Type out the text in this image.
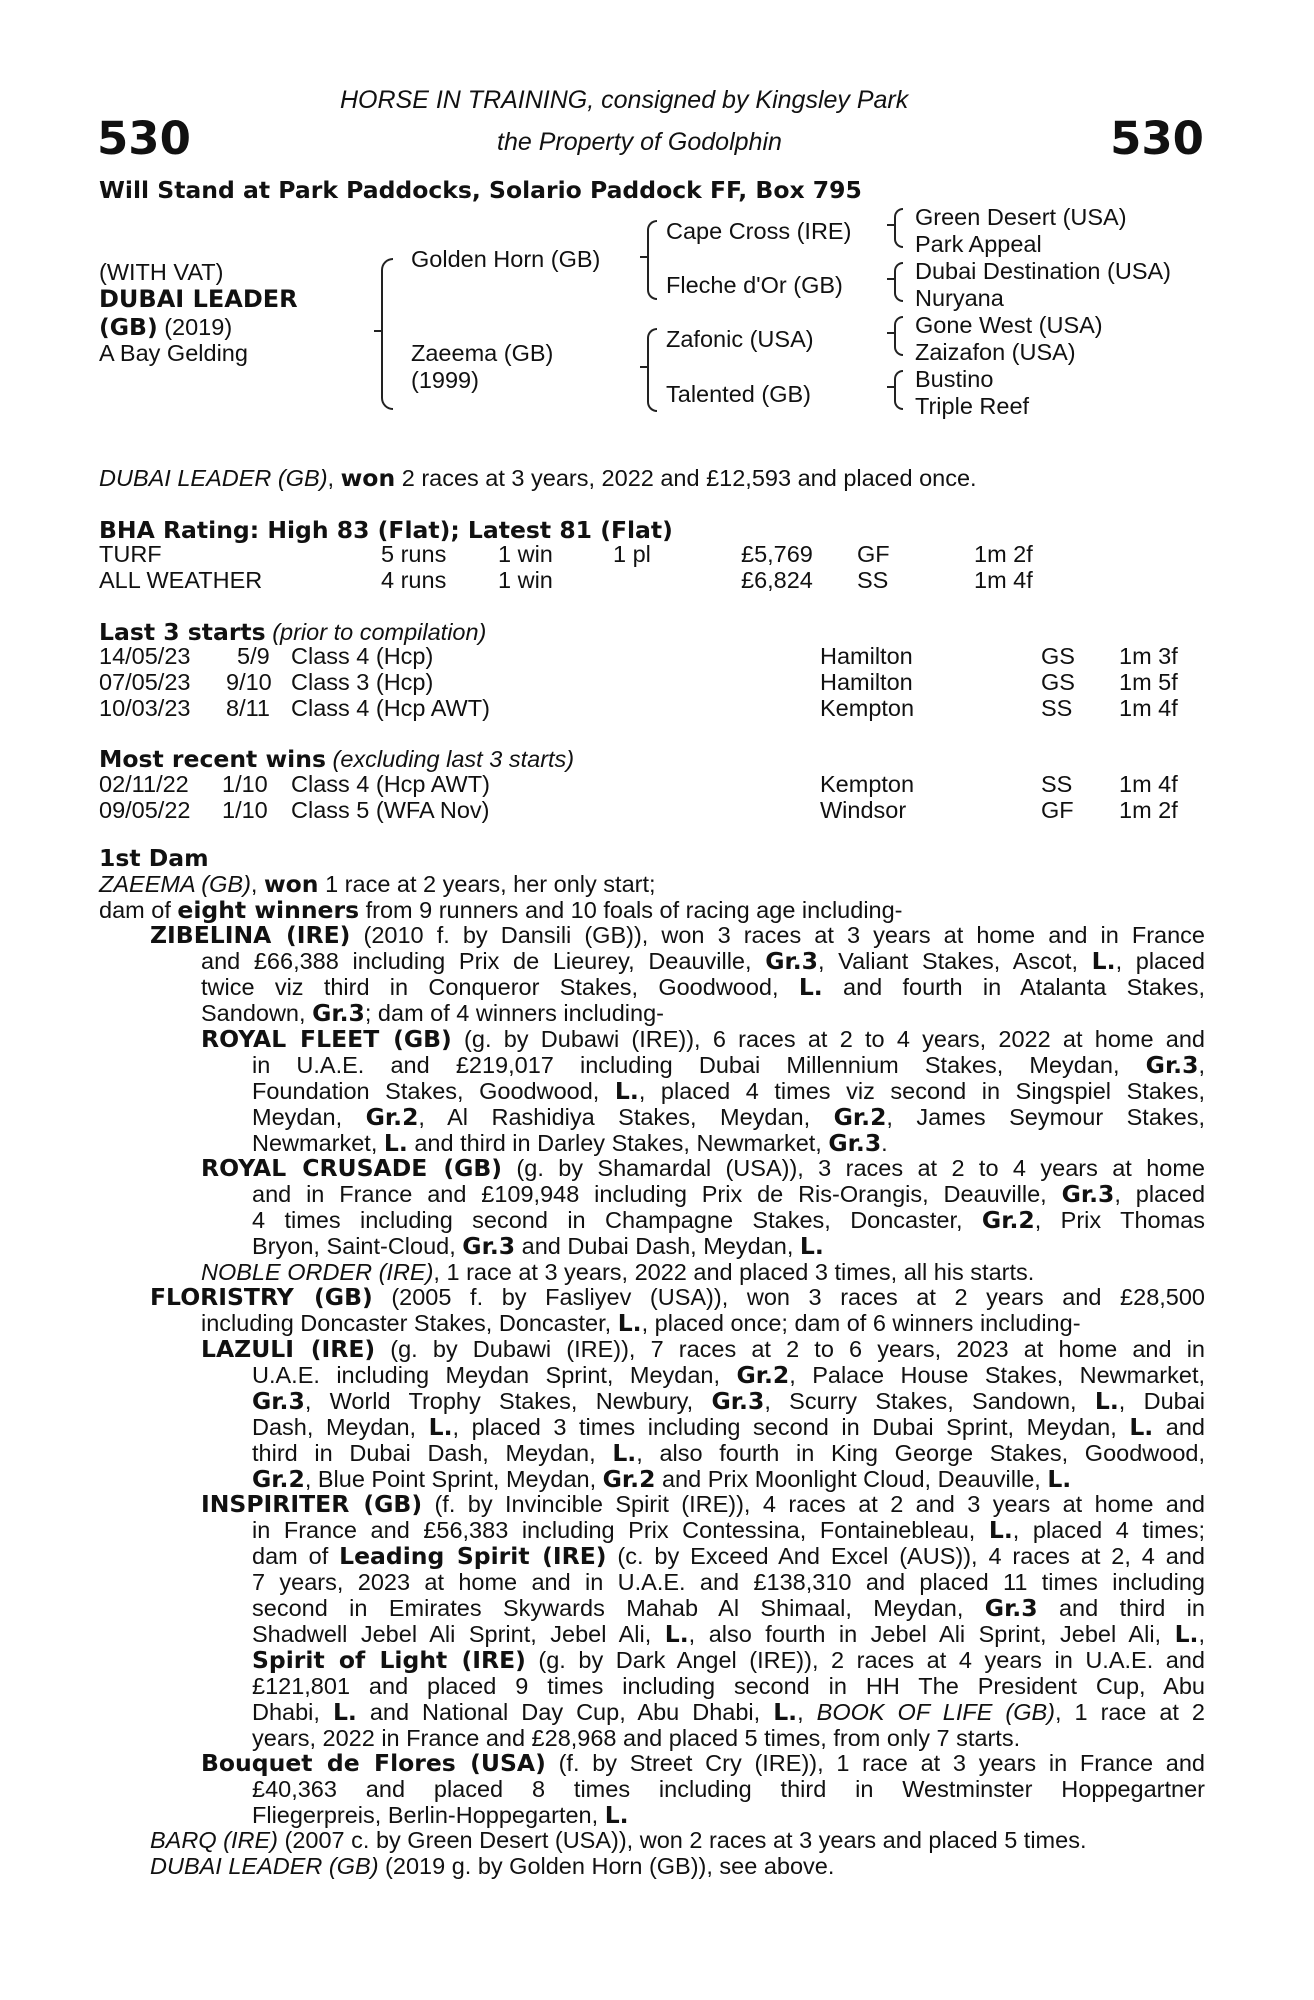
530	530
HORSE IN TRAINING, consigned by Kingsley Park
the Property of Godolphin
Will Stand at Park Paddocks, Solario Paddock FF, Box 795
(WITH VAT)
DUBAI LEADER
(GB) (2019)
A Bay Gelding
Golden Horn (GB)
Zaeema (GB)
(1999)
Cape Cross (IRE)
Fleche d'Or (GB)
Zafonic (USA)
Talented (GB)
Green Desert (USA)
Park Appeal
Dubai Destination (USA)
Nuryana
Gone West (USA)
Zaizafon (USA)
Bustino
Triple Reef
DUBAI LEADER (GB), won 2 races at 3 years, 2022 and £12,593 and placed once.
BHA Rating: High 83 (Flat); Latest 81 (Flat)
TURF	5 runs 1 win	1 pl	£5,769 GF	1m 2f
ALL WEATHER	4 runs 1 win	£6,824 SS	1m 4f
Last 3 starts (prior to compilation)
14/05/23 5/9 Class 4 (Hcp)	Hamilton	GS 1m 3f
07/05/23 9/10 Class 3 (Hcp)	Hamilton	GS 1m 5f
10/03/23 8/11 Class 4 (Hcp AWT)	Kempton	SS 1m 4f
Most recent wins (excluding last 3 starts)
02/11/22 1/10 Class 4 (Hcp AWT)	Kempton	SS 1m 4f
09/05/22 1/10 Class 5 (WFA Nov)	Windsor	GF 1m 2f
1st Dam
ZAEEMA (GB), won 1 race at 2 years, her only start;
dam of eight winners from 9 runners and 10 foals of racing age including-
ZIBELINA (IRE) (2010 f. by Dansili (GB)), won 3 races at 3 years at home and in France
and £66,388 including Prix de Lieurey, Deauville, Gr.3, Valiant Stakes, Ascot, L., placed
twice viz third in Conqueror Stakes, Goodwood, L. and fourth in Atalanta Stakes,
Sandown, Gr.3; dam of 4 winners including-
ROYAL FLEET (GB) (g. by Dubawi (IRE)), 6 races at 2 to 4 years, 2022 at home and
in U.A.E. and £219,017 including Dubai Millennium Stakes, Meydan, Gr.3,
Foundation Stakes, Goodwood, L., placed 4 times viz second in Singspiel Stakes,
Meydan, Gr.2, Al Rashidiya Stakes, Meydan, Gr.2, James Seymour Stakes,
Newmarket, L. and third in Darley Stakes, Newmarket, Gr.3.
ROYAL CRUSADE (GB) (g. by Shamardal (USA)), 3 races at 2 to 4 years at home
and in France and £109,948 including Prix de Ris-Orangis, Deauville, Gr.3, placed
4 times including second in Champagne Stakes, Doncaster, Gr.2, Prix Thomas
Bryon, Saint-Cloud, Gr.3 and Dubai Dash, Meydan, L.
NOBLE ORDER (IRE), 1 race at 3 years, 2022 and placed 3 times, all his starts.
FLORISTRY (GB) (2005 f. by Fasliyev (USA)), won 3 races at 2 years and £28,500
including Doncaster Stakes, Doncaster, L., placed once; dam of 6 winners including-
LAZULI (IRE) (g. by Dubawi (IRE)), 7 races at 2 to 6 years, 2023 at home and in
U.A.E. including Meydan Sprint, Meydan, Gr.2, Palace House Stakes, Newmarket,
Gr.3, World Trophy Stakes, Newbury, Gr.3, Scurry Stakes, Sandown, L., Dubai
Dash, Meydan, L., placed 3 times including second in Dubai Sprint, Meydan, L. and
third in Dubai Dash, Meydan, L., also fourth in King George Stakes, Goodwood,
Gr.2, Blue Point Sprint, Meydan, Gr.2 and Prix Moonlight Cloud, Deauville, L.
INSPIRITER (GB) (f. by Invincible Spirit (IRE)), 4 races at 2 and 3 years at home and
in France and £56,383 including Prix Contessina, Fontainebleau, L., placed 4 times;
dam of Leading Spirit (IRE) (c. by Exceed And Excel (AUS)), 4 races at 2, 4 and
7 years, 2023 at home and in U.A.E. and £138,310 and placed 11 times including
second in Emirates Skywards Mahab Al Shimaal, Meydan, Gr.3 and third in
Shadwell Jebel Ali Sprint, Jebel Ali, L., also fourth in Jebel Ali Sprint, Jebel Ali, L.,
Spirit of Light (IRE) (g. by Dark Angel (IRE)), 2 races at 4 years in U.A.E. and
£121,801 and placed 9 times including second in HH The President Cup, Abu
Dhabi, L. and National Day Cup, Abu Dhabi, L., BOOK OF LIFE (GB), 1 race at 2
years, 2022 in France and £28,968 and placed 5 times, from only 7 starts.
Bouquet de Flores (USA) (f. by Street Cry (IRE)), 1 race at 3 years in France and
£40,363 and placed 8 times including third in Westminster Hoppegartner
Fliegerpreis, Berlin-Hoppegarten, L.
BARQ (IRE) (2007 c. by Green Desert (USA)), won 2 races at 3 years and placed 5 times.
DUBAI LEADER (GB) (2019 g. by Golden Horn (GB)), see above.
